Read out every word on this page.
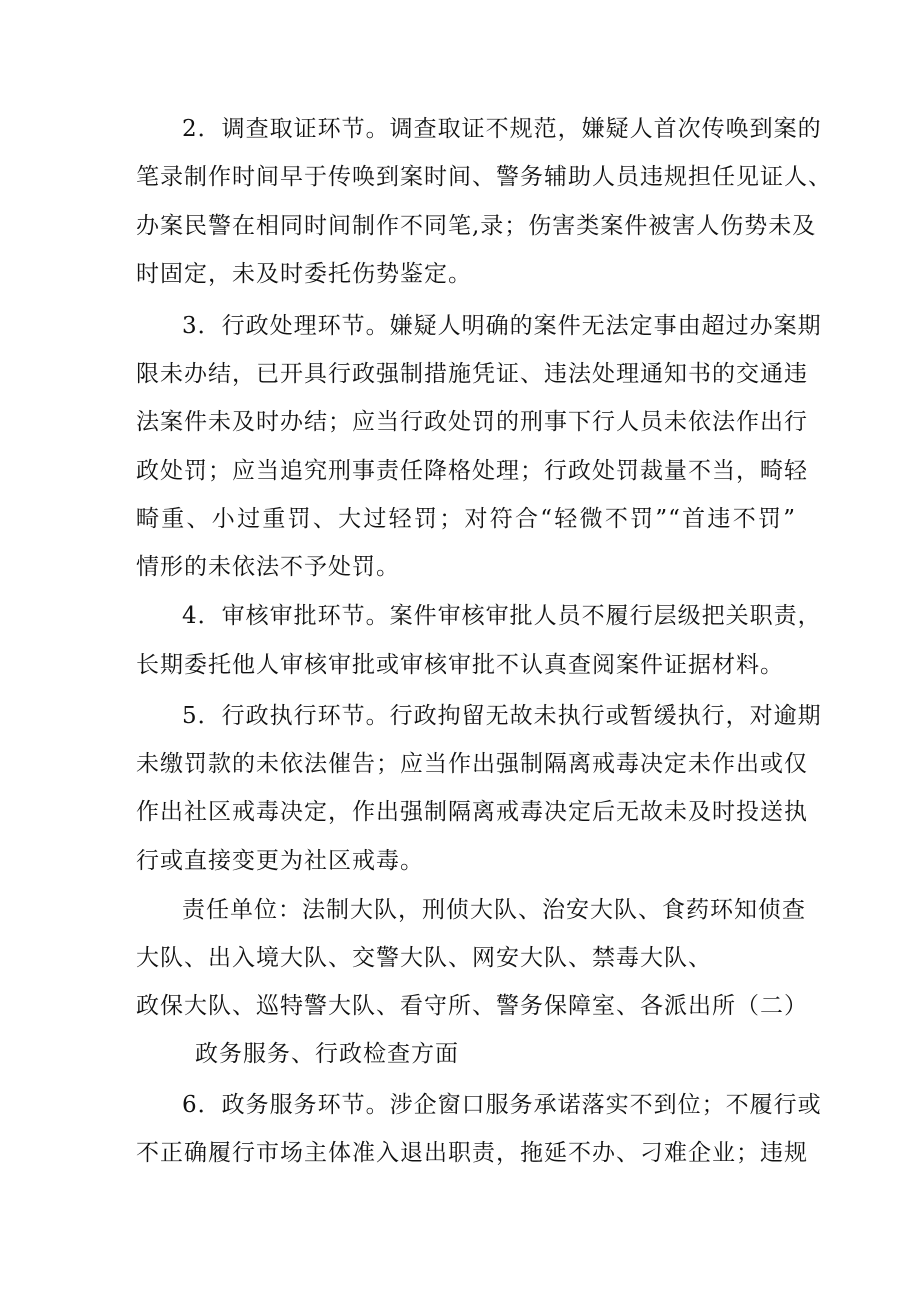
2．调查取证环节。调查取证不规范，嫌疑人首次传唤到案的
笔录制作时间早于传唤到案时间、警务辅助人员违规担任见证人、
办案民警在相同时间制作不同笔,录；伤害类案件被害人伤势未及
时固定，未及时委托伤势鉴定。
3．行政处理环节。嫌疑人明确的案件无法定事由超过办案期
限未办结，已开具行政强制措施凭证、违法处理通知书的交通违
法案件未及时办结；应当行政处罚的刑事下行人员未依法作出行
政处罚；应当追究刑事责任降格处理；行政处罚裁量不当，畸轻
畸重、小过重罚、大过轻罚；对符合“轻微不罚”“首违不罚”
情形的未依法不予处罚。
4．审核审批环节。案件审核审批人员不履行层级把关职责，
长期委托他人审核审批或审核审批不认真查阅案件证据材料。
5．行政执行环节。行政拘留无故未执行或暂缓执行，对逾期
未缴罚款的未依法催告；应当作出强制隔离戒毒决定未作出或仅
作出社区戒毒决定，作出强制隔离戒毒决定后无故未及时投送执
行或直接变更为社区戒毒。
责任单位：法制大队，刑侦大队、治安大队、食药环知侦查
大队、出入境大队、交警大队、网安大队、禁毒大队、
政保大队、巡特警大队、看守所、警务保障室、各派出所（二）
政务服务、行政检查方面
6．政务服务环节。涉企窗口服务承诺落实不到位；不履行或
不正确履行市场主体准入退出职责，拖延不办、刁难企业；违规
